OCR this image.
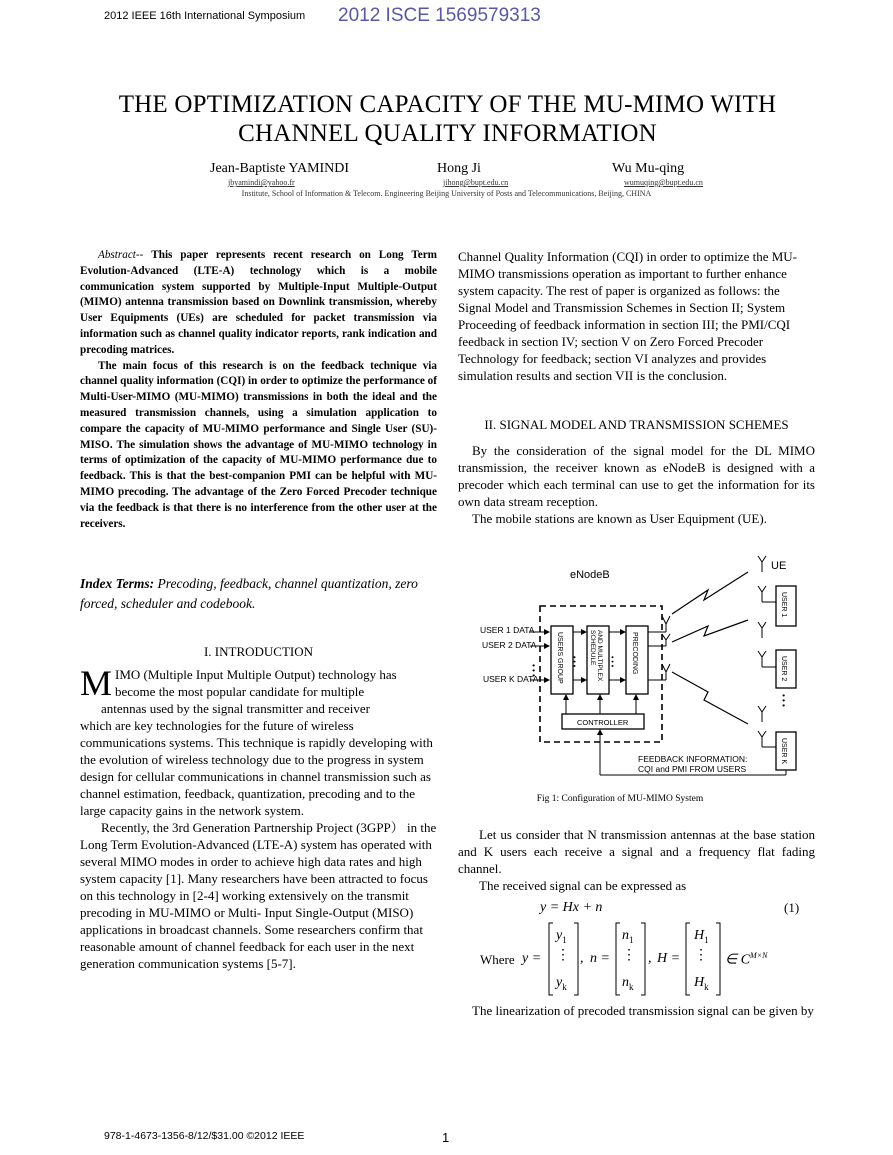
2012 IEEE 16th International Symposium 2012 ISCE 1569579313
THE OPTIMIZATION CAPACITY OF THE MU-MIMO WITH
CHANNEL QUALITY INFORMATION
Jean-Baptiste YAMINDI	Hong Ji	Wu Mu-qing
jbyamindi@yahoo.fr	jihong@bupt.edu.cn	wumuqing@bupt.edu.cn
Institute, School of Information & Telecom. Engineering Beijing University of Posts and Telecommunications, Beijing, CHINA

Abstract-- This paper represents recent research on Long Term Evolution-Advanced (LTE-A) technology which is a mobile communication system supported by Multiple-Input Multiple-Output (MIMO) antenna transmission based on Downlink transmission, whereby User Equipments (UEs) are scheduled for packet transmission via information such as channel quality indicator reports, rank indication and precoding matrices.

The main focus of this research is on the feedback technique via channel quality information (CQI) in order to optimize the performance of Multi-User-MIMO (MU-MIMO) transmissions in both the ideal and the measured transmission channels, using a simulation application to compare the capacity of MU-MIMO performance and Single User (SU)-MISO. The simulation shows the advantage of MU-MIMO technology in terms of optimization of the capacity of MU-MIMO performance due to feedback. This is that the best-companion PMI can be helpful with MU-MIMO precoding. The advantage of the Zero Forced Precoder technique via the feedback is that there is no interference from the other user at the receivers.

Index Terms: Precoding, feedback, channel quantization, zero forced, scheduler and codebook.
I. INTRODUCTION
M IMO (Multiple Input Multiple Output) technology has
become the most popular candidate for multiple
antennas used by the signal transmitter and receiver

which are key technologies for the future of wireless communications systems. This technique is rapidly developing with the evolution of wireless technology due to the progress in system design for cellular communications in channel transmission such as channel estimation, feedback, quantization, precoding and to the large capacity gains in the network system.

Recently, the 3rd Generation Partnership Project (3GPP） in the Long Term Evolution-Advanced (LTE-A) system has operated with several MIMO modes in order to achieve high data rates and high system capacity [1]. Many researchers have been attracted to focus on this technology in [2-4] working extensively on the transmit precoding in MU-MIMO or Multi- Input Single-Output (MISO) applications in broadcast channels. Some researchers confirm that reasonable amount of channel feedback for each user in the next generation communication systems [5-7].

Channel Quality Information (CQI) in order to optimize the MU-MIMO transmissions operation as important to further enhance system capacity. The rest of paper is organized as follows: the Signal Model and Transmission Schemes in Section II; System Proceeding of feedback information in section III; the PMI/CQI feedback in section IV; section V on Zero Forced Precoder Technology for feedback; section VI analyzes and provides simulation results and section VII is the conclusion.

II. SIGNAL MODEL AND TRANSMISSION SCHEMES

By the consideration of the signal model for the DL MIMO transmission, the receiver known as eNodeB is designed with a precoder which each terminal can use to get the information for its own data stream reception.

The mobile stations are known as User Equipment (UE).

eNodeB
UE
USER 1 DATA
USER 2 DATA
USER K DATA
• • •	USERS GROUP	SCHEDULE AND MULTIPLEX	PRECODING
• • •	• • •
CONTROLLER
USER 1
USER 2
• • •
USER K
FEEDBACK INFORMATION:
CQI and PMI FROM USERS
Fig 1: Configuration of MU-MIMO System

Let us consider that N transmission antennas at the base station and K users each receive a signal and a frequency flat fading channel.

The received signal can be expressed as

y = Hx + n	(1)
Where y =
$y_1$
⋮
$y_k$
, n =
$n_1$
⋮
$n_k$
, H =
$H_1$
⋮
$H_k$
∈ $C^{M\times N}$

The linearization of precoded transmission signal can be given by

978-1-4673-1356-8/12/$31.00 ©2012 IEEE	1
